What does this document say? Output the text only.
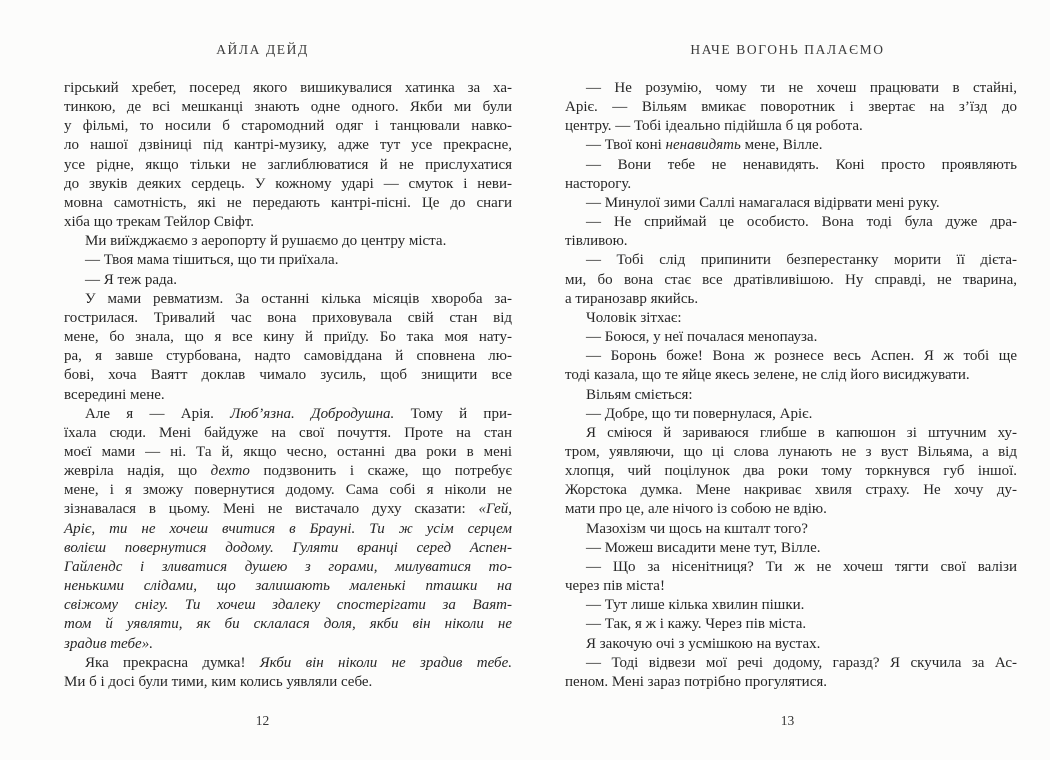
АЙЛА ДЕЙД
гірський хребет, посеред якого вишикувалися хатинка за ха-
тинкою, де всі мешканці знають одне одного. Якби ми були
у фільмі, то носили б старомодний одяг і танцювали навко-
ло нашої дзвіниці під кантрі-музику, адже тут усе прекрасне,
усе рідне, якщо тільки не заглиблюватися й не прислухатися
до звуків деяких сердець. У кожному ударі — смуток і неви-
мовна самотність, які не передають кантрі-пісні. Це до снаги
хіба що трекам Тейлор Свіфт.
Ми виїжджаємо з аеропорту й рушаємо до центру міста.
— Твоя мама тішиться, що ти приїхала.
— Я теж рада.
У мами ревматизм. За останні кілька місяців хвороба за-
гострилася. Тривалий час вона приховувала свій стан від
мене, бо знала, що я все кину й приїду. Бо така моя нату-
ра, я завше стурбована, надто самовіддана й сповнена лю-
бові, хоча Ваятт доклав чимало зусиль, щоб знищити все
всередині мене.
Але я — Арія. Люб’язна. Добродушна. Тому й при-
їхала сюди. Мені байдуже на свої почуття. Проте на стан
моєї мами — ні. Та й, якщо чесно, останні два роки в мені
жевріла надія, що дехто подзвонить і скаже, що потребує
мене, і я зможу повернутися додому. Сама собі я ніколи не
зізнавалася в цьому. Мені не вистачало духу сказати: «Гей,
Аріє, ти не хочеш вчитися в Брауні. Ти ж усім серцем
волієш повернутися додому. Гуляти вранці серед Аспен-
Гайлендс і зливатися душею з горами, милуватися то-
ненькими слідами, що залишають маленькі пташки на
свіжому снігу. Ти хочеш здалеку спостерігати за Ваят-
том й уявляти, як би склалася доля, якби він ніколи не
зрадив тебе».
Яка прекрасна думка! Якби він ніколи не зрадив тебе.
Ми б і досі були тими, ким колись уявляли себе.
12
НАЧЕ ВОГОНЬ ПАЛАЄМО
— Не розумію, чому ти не хочеш працювати в стайні,
Аріє. — Вільям вмикає поворотник і звертає на з’їзд до
центру. — Тобі ідеально підійшла б ця робота.
— Твої коні ненавидять мене, Вілле.
— Вони тебе не ненавидять. Коні просто проявляють
насторогу.
— Минулої зими Саллі намагалася відірвати мені руку.
— Не сприймай це особисто. Вона тоді була дуже дра-
тівливою.
— Тобі слід припинити безперестанку морити її дієта-
ми, бо вона стає все дратівливішою. Ну справді, не тварина,
а тиранозавр якийсь.
Чоловік зітхає:
— Боюся, у неї почалася менопауза.
— Боронь боже! Вона ж рознесе весь Аспен. Я ж тобі ще
тоді казала, що те яйце якесь зелене, не слід його висиджувати.
Вільям сміється:
— Добре, що ти повернулася, Аріє.
Я сміюся й зариваюся глибше в капюшон зі штучним ху-
тром, уявляючи, що ці слова лунають не з вуст Вільяма, а від
хлопця, чий поцілунок два роки тому торкнувся губ іншої.
Жорстока думка. Мене накриває хвиля страху. Не хочу ду-
мати про це, але нічого із собою не вдію.
Мазохізм чи щось на кшталт того?
— Можеш висадити мене тут, Вілле.
— Що за нісенітниця? Ти ж не хочеш тягти свої валізи
через пів міста!
— Тут лише кілька хвилин пішки.
— Так, я ж і кажу. Через пів міста.
Я закочую очі з усмішкою на вустах.
— Тоді відвези мої речі додому, гаразд? Я скучила за Ас-
пеном. Мені зараз потрібно прогулятися.
13
